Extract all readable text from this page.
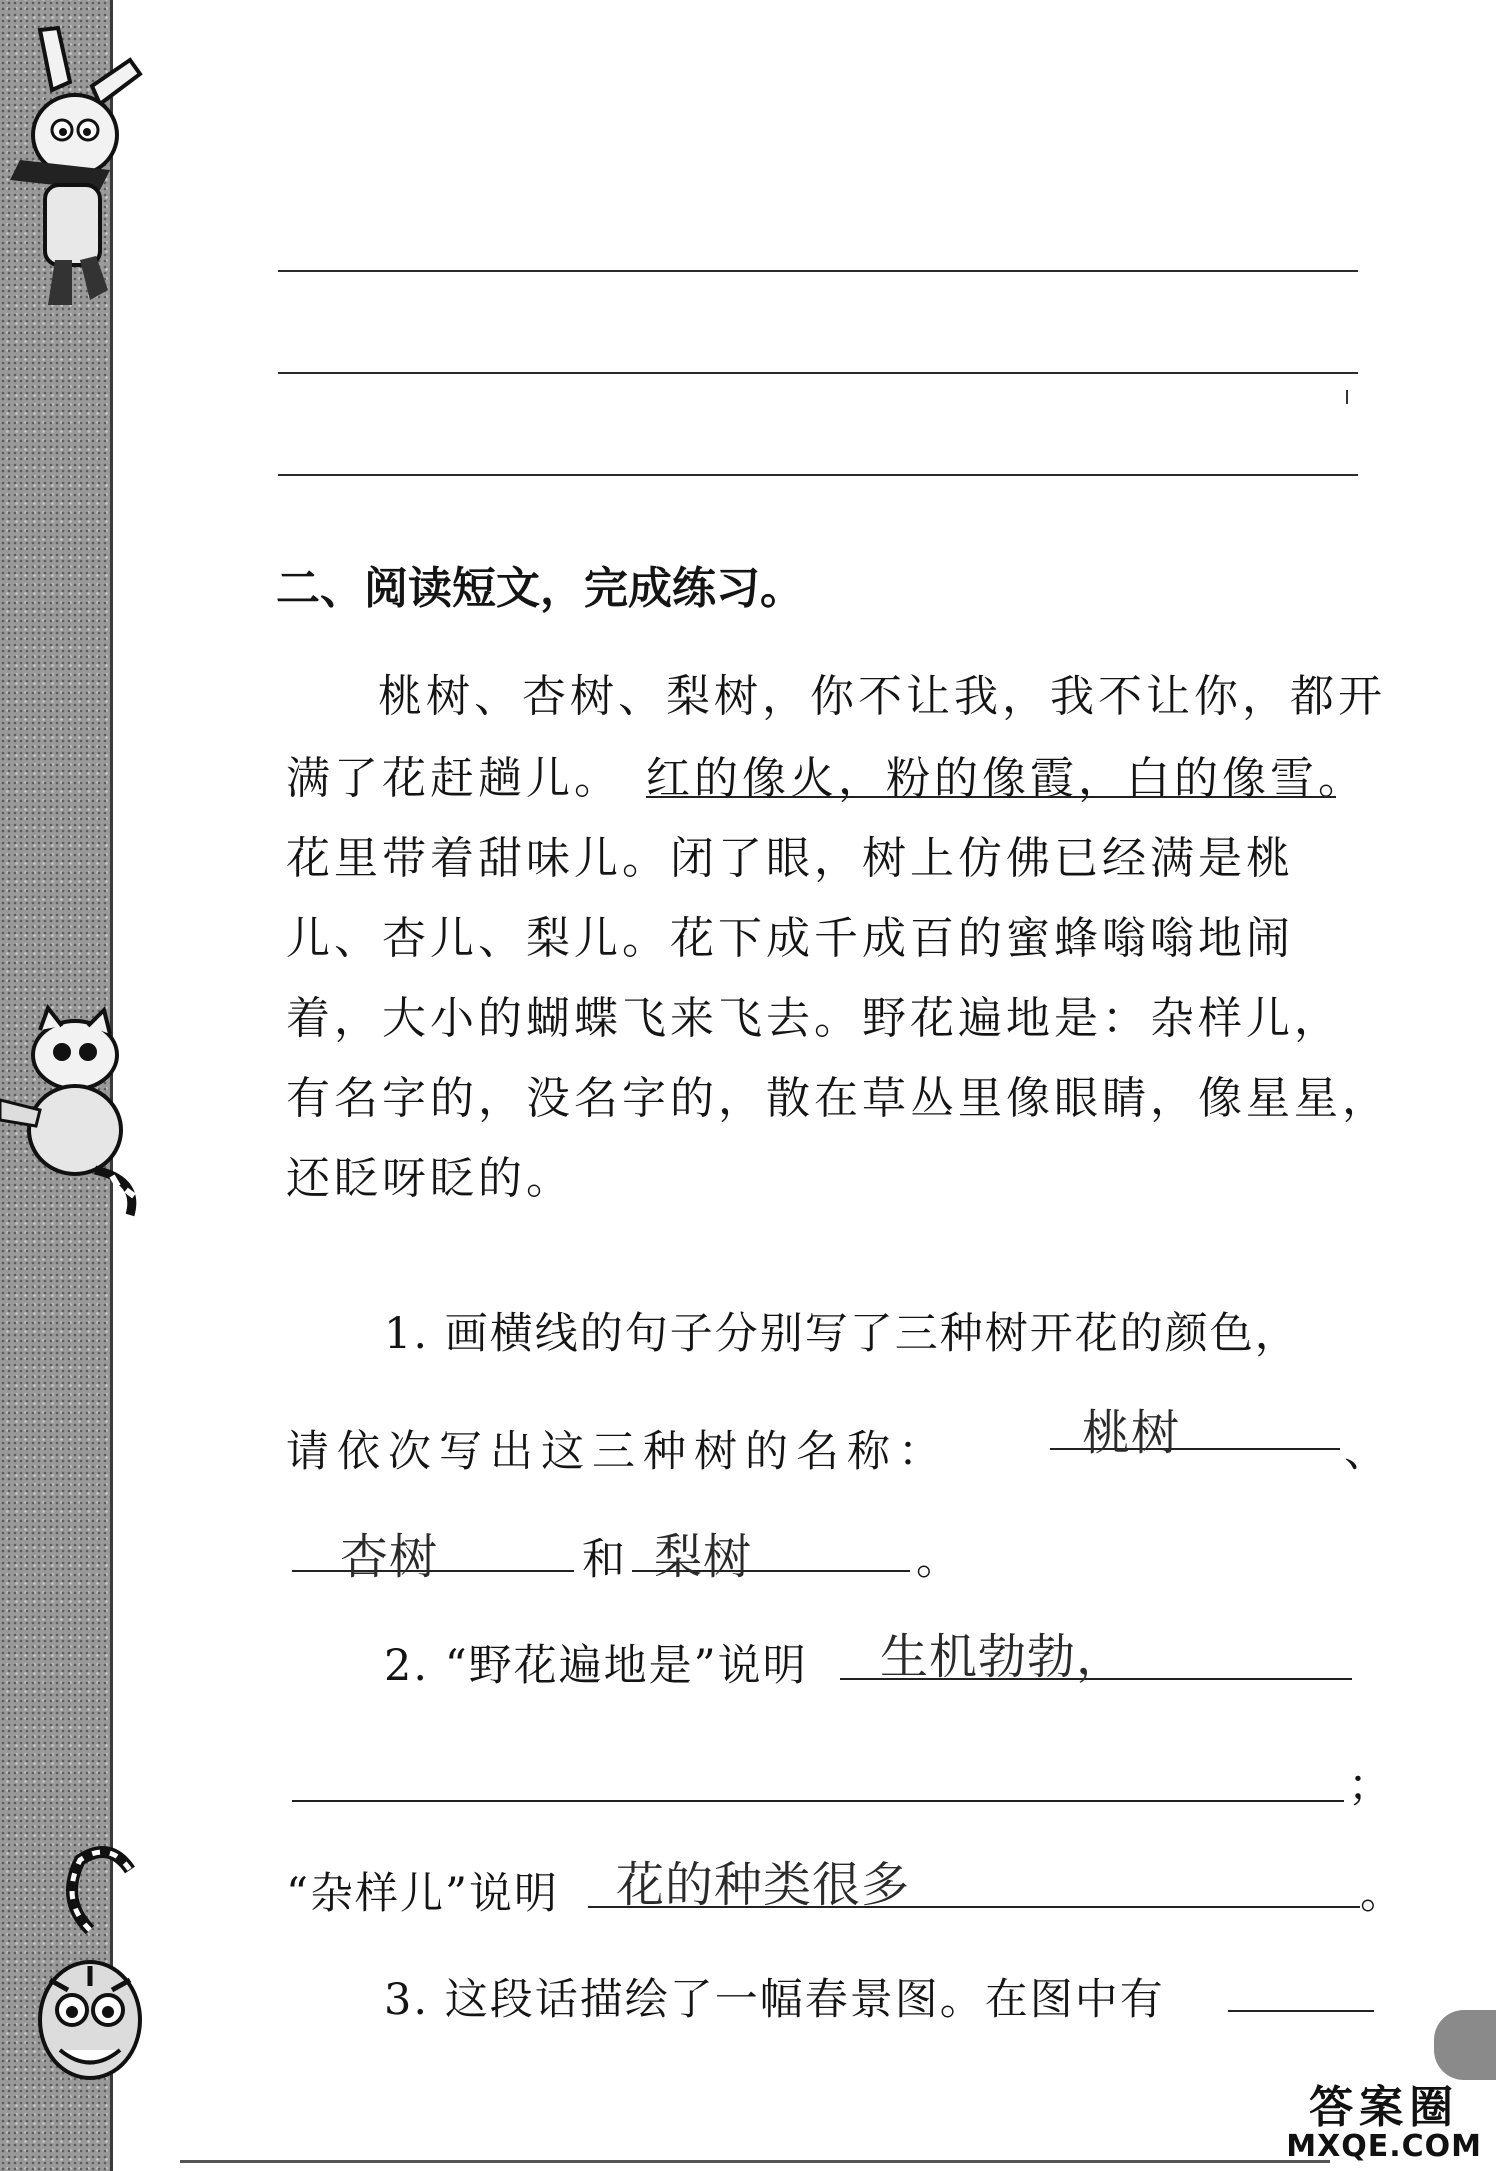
二、阅读短文，完成练习。
桃树、杏树、梨树，你不让我，我不让你，都开
满了花赶趟儿。 红的像火，粉的像霞，白的像雪。
花里带着甜味儿。闭了眼，树上仿佛已经满是桃
儿、杏儿、梨儿。花下成千成百的蜜蜂嗡嗡地闹
着，大小的蝴蝶飞来飞去。野花遍地是：杂样儿，
有名字的，没名字的，散在草丛里像眼睛，像星星，
还眨呀眨的。
1. 画横线的句子分别写了三种树开花的颜色，
请依次写出这三种树的名称：	桃树	、
杏树	和 梨树	。
2. “野花遍地是”说明 生机勃勃，
；
“杂样儿”说明 花的种类很多	。
3. 这段话描绘了一幅春景图。在图中有
答案圈
MXQE.COM
